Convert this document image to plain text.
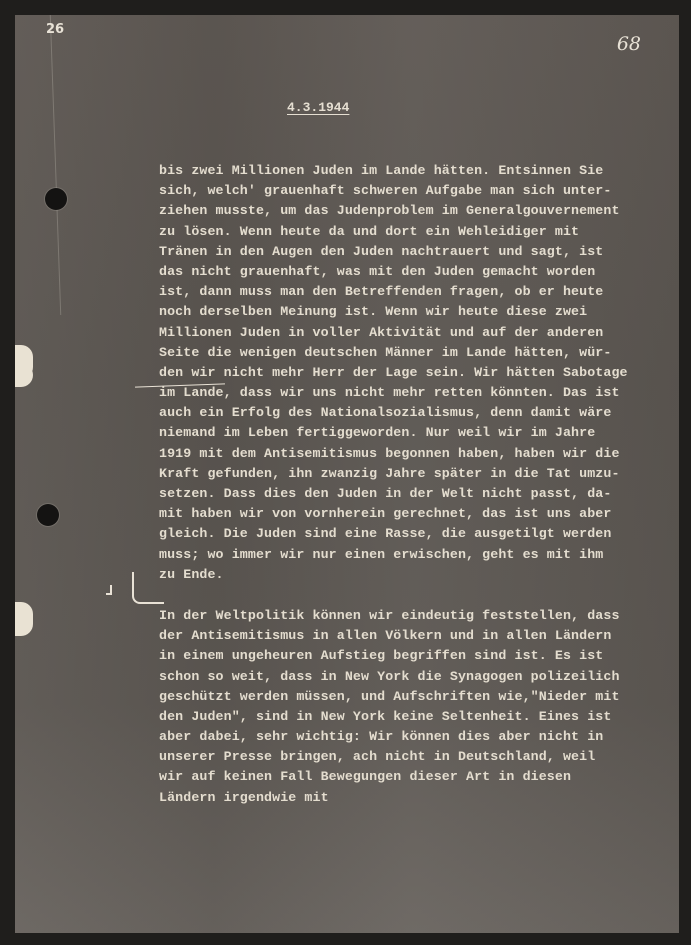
26
68
4.3.1944
bis zwei Millionen Juden im Lande hätten. Entsinnen Sie
sich, welch' grauenhaft schweren Aufgabe man sich unter-
ziehen musste, um das Judenproblem im Generalgouvernement
zu lösen. Wenn heute da und dort ein Wehleidiger mit
Tränen in den Augen den Juden nachtrauert und sagt, ist
das nicht grauenhaft, was mit den Juden gemacht worden
ist, dann muss man den Betreffenden fragen, ob er heute
noch derselben Meinung ist. Wenn wir heute diese zwei
Millionen Juden in voller Aktivität und auf der anderen
Seite die wenigen deutschen Männer im Lande hätten, wür-
den wir nicht mehr Herr der Lage sein. Wir hätten Sabotage
im Lande, dass wir uns nicht mehr retten könnten. Das ist
auch ein Erfolg des Nationalsozialismus, denn damit wäre
niemand im Leben fertiggeworden. Nur weil wir im Jahre
1919 mit dem Antisemitismus begonnen haben, haben wir die
Kraft gefunden, ihn zwanzig Jahre später in die Tat umzu-
setzen. Dass dies den Juden in der Welt nicht passt, da-
mit haben wir von vornherein gerechnet, das ist uns aber
gleich. Die Juden sind eine Rasse, die ausgetilgt werden
muss; wo immer wir nur einen erwischen, geht es mit ihm
zu Ende.
In der Weltpolitik können wir eindeutig feststellen, dass
der Antisemitismus in allen Völkern und in allen Ländern
in einem ungeheuren Aufstieg begriffen sind ist. Es ist
schon so weit, dass in New York die Synagogen polizeilich
geschützt werden müssen, und Aufschriften wie,"Nieder mit
den Juden", sind in New York keine Seltenheit. Eines ist
aber dabei, sehr wichtig: Wir können dies aber nicht in
unserer Presse bringen, ach nicht in Deutschland, weil
wir auf keinen Fall Bewegungen dieser Art in diesen
Ländern irgendwie mit
